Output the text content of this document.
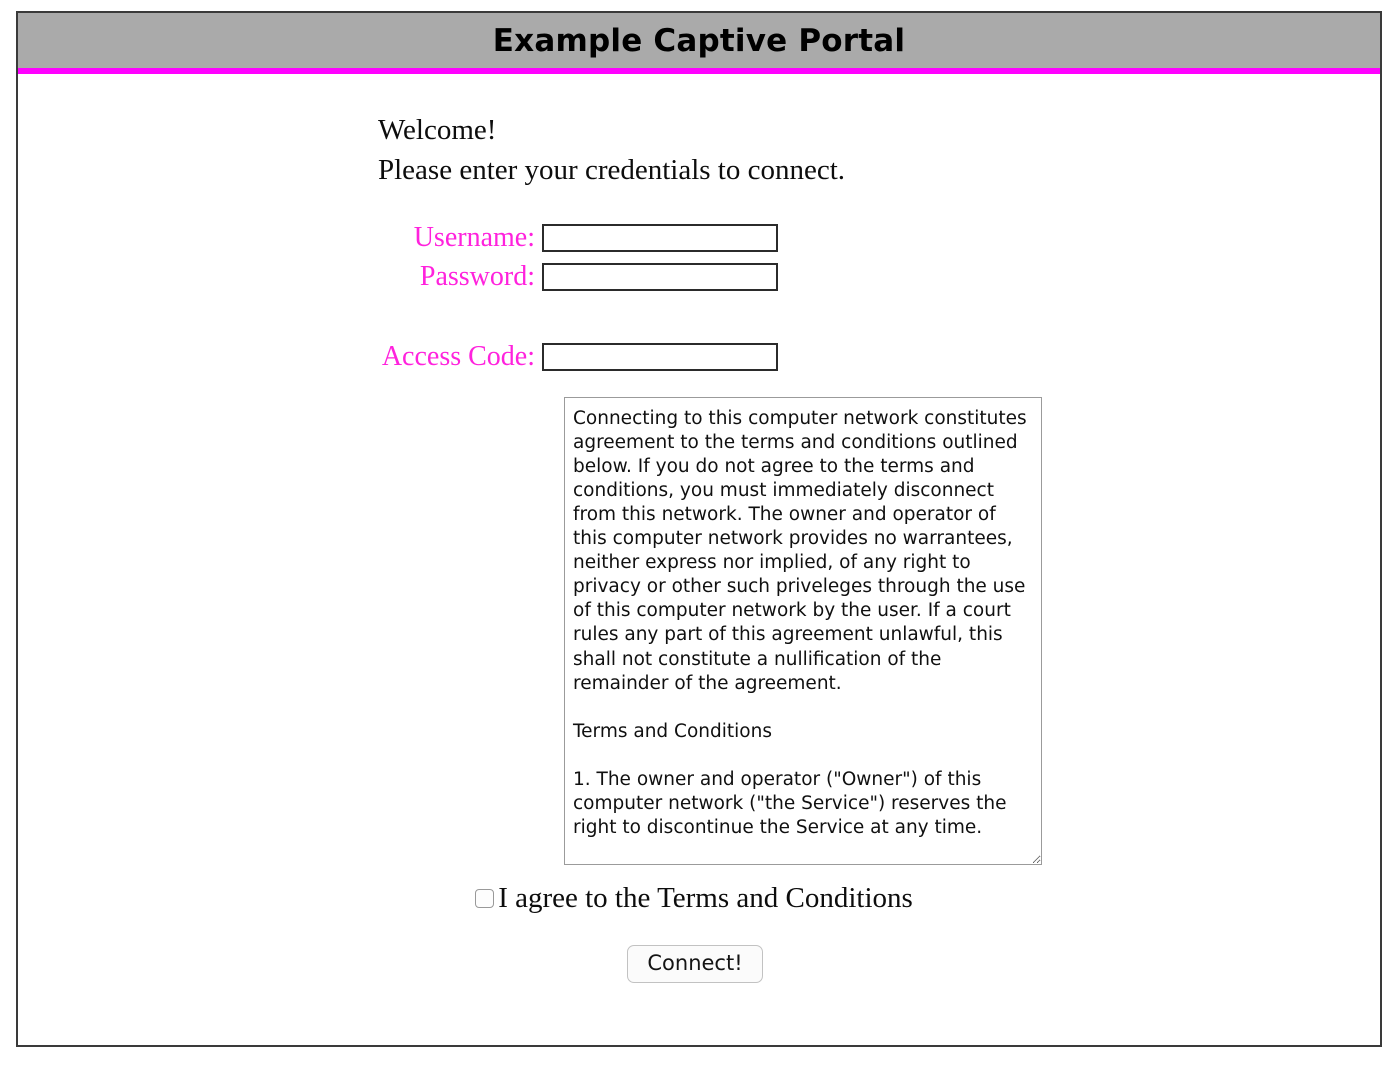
Example Captive Portal
Welcome!
Please enter your credentials to connect.
Username:
Password:
Access Code:
Connecting to this computer network constitutes agreement to the terms and conditions outlined below. If you do not agree to the terms and conditions, you must immediately disconnect from this network. The owner and operator of this computer network provides no warrantees, neither express nor implied, of any right to privacy or other such priveleges through the use of this computer network by the user. If a court rules any part of this agreement unlawful, this shall not constitute a nullification of the remainder of the agreement. Terms and Conditions 1. The owner and operator ("Owner") of this computer network ("the Service") reserves the right to discontinue the Service at any time.
I agree to the Terms and Conditions
Connect!
